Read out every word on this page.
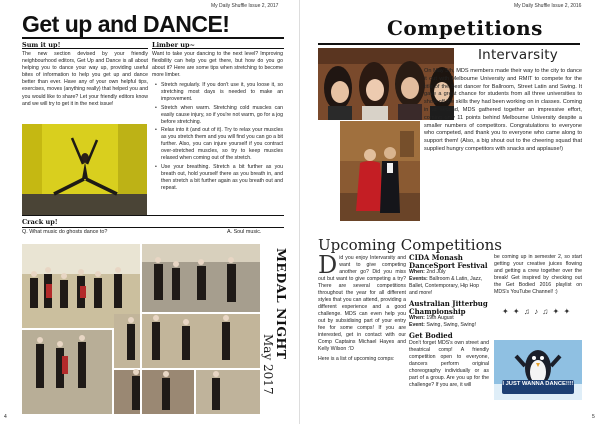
My Daily Shuffle Issue 2, 2017
Get up and DANCE!
Sum it up!
The new section devised by your friendly neighbourhood editors, Get Up and Dance is all about helping you to dance your way up, providing useful bites of information to help you get up and dance better than ever. Have any of your own helpful tips, exercises, moves (anything really) that helped you and you would like to share? Let your friendly editors know and we will try to get it in the next issue!
Limber up~
Want to take your dancing to the next level? Improving flexibility can help you get there, but how do you go about it? Here are some tips when stretching to become more limber.
• Stretch regularly. If you don't use it, you loose it, so stretching most days is needed to make an improvement.
• Stretch when warm. Stretching cold muscles can easily cause injury, so if you're not warm, go for a jog before stretching.
• Relax into it (and out of it). Try to relax your muscles as you stretch them and you will find you can go a bit further. Also, you can injure yourself if you contract over-stretched muscles, so try to keep muscles relaxed when coming out of the stretch.
• Use your breathing. Stretch a bit further as you breath out, hold yourself there as you breath in, and then stretch a bit further again as you breath out and repeat.
Crack up!
Q. What music do ghosts dance to?	A. Soul music.
MEDAL NIGHT
May 2017
4
My Daily Shuffle Issue 2, 2016
Competitions
Intervarsity
On May 5th, MDS members made their way to the city to dance it out with Melbourne University and RMIT to compete for the title of the best dancer for Ballroom, Street Latin and Swing. It gave a great chance for students from all three universities to show off the skills they had been working on in classes. Coming in at second, MDS gathered together an impressive effort, coming only 11 points behind Melbourne University despite a smaller numbers of competitors. Congratulations to everyone who competed, and thank you to everyone who came along to support them! (Also, a big shout out to the cheering squad that supplied hungry competitors with snacks and applause!)
Upcoming Competitions
Did you enjoy Intervarsity and want to give competing another go? Did you miss out but want to give competing a try? There are several competitions throughout the year for all different styles that you can attend, providing a different experience and a good challenge. MDS can even help you out by subsidising part of your entry fee for some comps! If you are interested, get in contact with our Comp Captains Michael Hayes and Kelly Wilson :'D
Here is a list of upcoming comps:
CIDA Monash DanceSport Festival
When: 2nd July
Events: Ballroom & Latin, Jazz, Ballet, Contemporary, Hip Hop and more!
Australian Jitterbug Championship
When: 19th August
Event: Swing, Swing, Swing!
Get Bodied
Don't forget MDS's own street and theatrical comp! A friendly competition open to everyone, dancers perform original choreography individually or as part of a group. Are you up for the challenge? If you are, it will
be coming up in semester 2, so start getting your creative juices flowing and getting a crew together over the break! Get inspired by checking out the Get Bodied 2016 playlist on MDS's YouTube Channel! :)
✦ ✦ ♫ ♪ ♫ ✦ ✦
I JUST WANNA DANCE!!!!
5
